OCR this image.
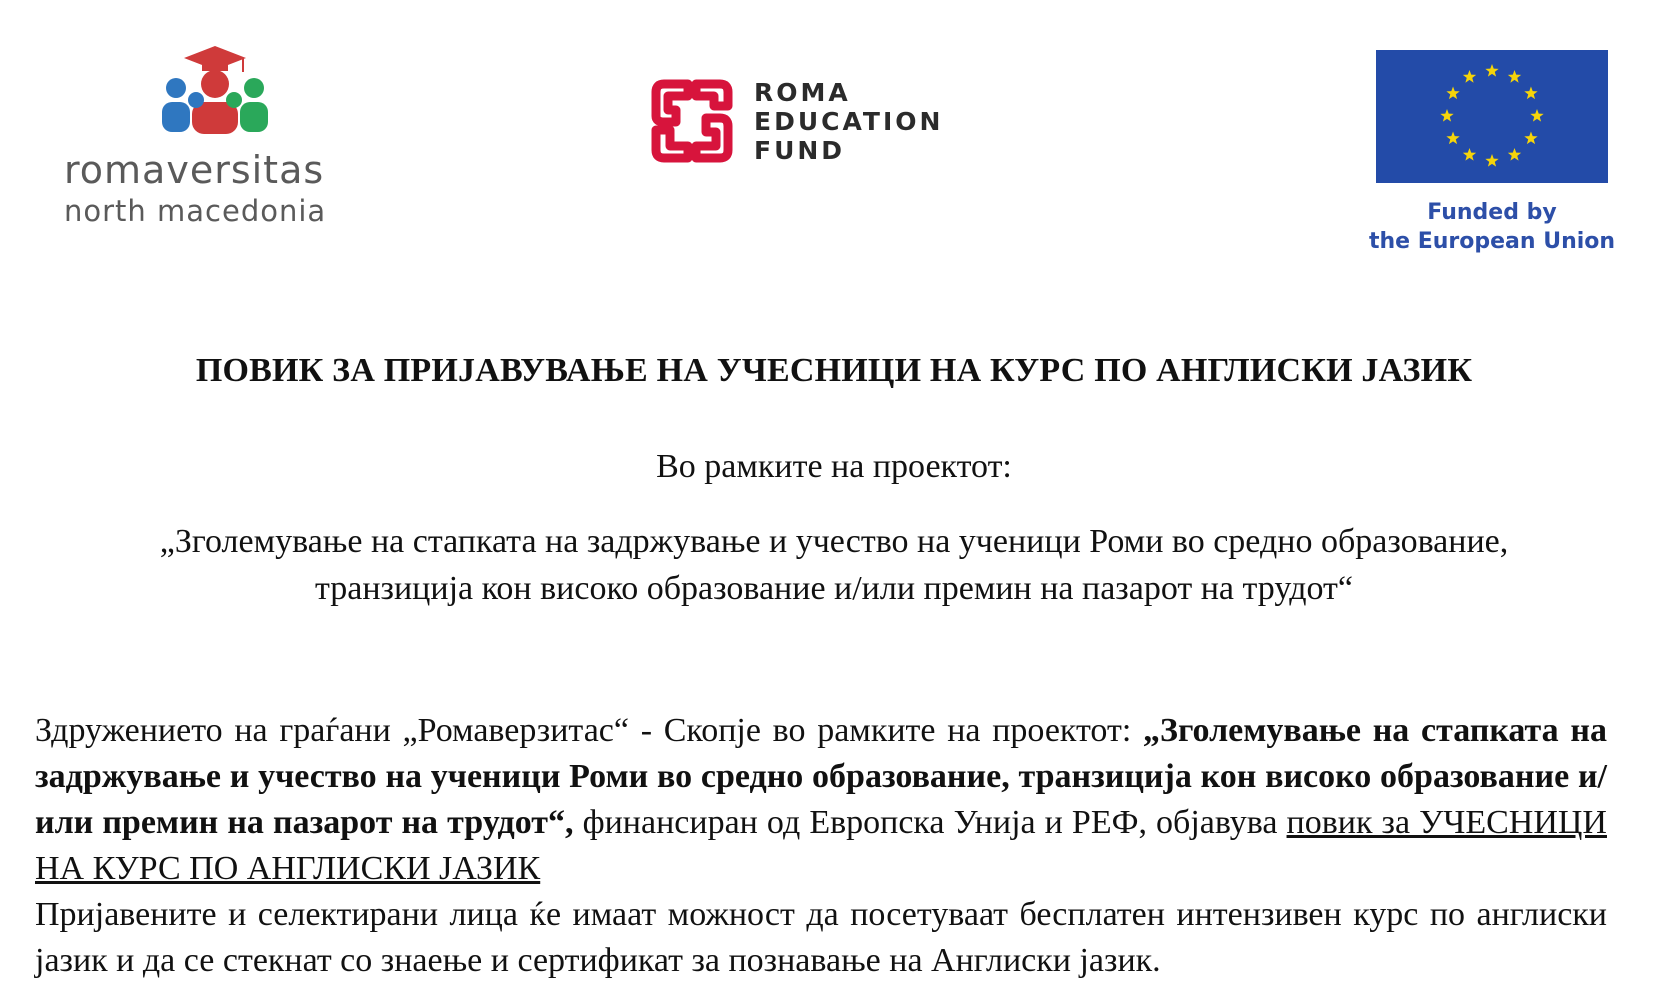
romaversitas
north macedonia
ROMA
EDUCATION
FUND
Funded by
the European Union
ПОВИК ЗА ПРИЈАВУВАЊЕ НА УЧЕСНИЦИ НА КУРС ПО АНГЛИСКИ ЈАЗИК
Во рамките на проектот:
„Зголемување на стапката на задржување и учество на ученици Роми во средно образование, транзиција кон високо образование и/или премин на пазарот на трудот“
Здружението на граѓани „Ромаверзитас“ - Скопје во рамките на проектот: „Зголемување на стапката на задржување и учество на ученици Роми во средно образование, транзиција кон високо образование и/или премин на пазарот на трудот“, финансиран од Европска Унија и РЕФ, објавува повик за УЧЕСНИЦИ НА КУРС ПО АНГЛИСКИ ЈАЗИК
Пријавените и селектирани лица ќе имаат можност да посетуваат бесплатен интензивен курс по англиски јазик и да се стекнат со знаење и сертификат за познавање на Англиски јазик.
